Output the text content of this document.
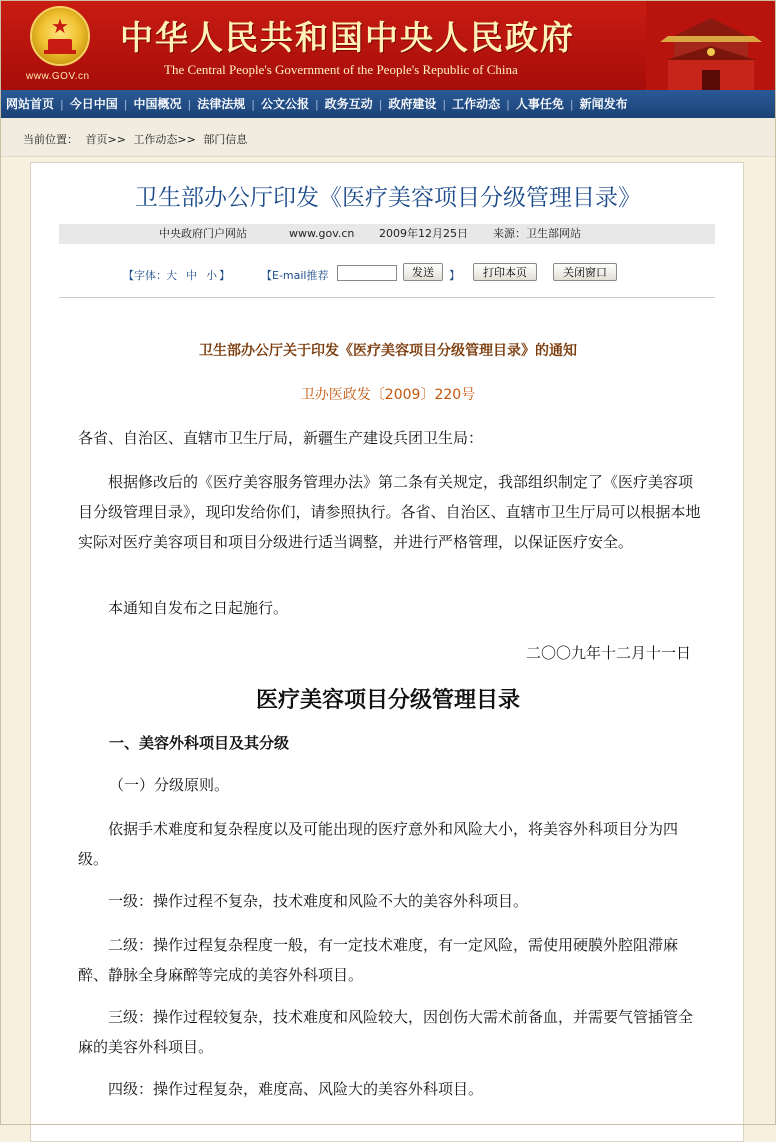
★
www.GOV.cn
中华人民共和国中央人民政府
The Central People's Government of the People's Republic of China
网站首页 | 今日中国 | 中国概况 | 法律法规 | 公文公报 | 政务互动 | 政府建设 | 工作动态 | 人事任免 | 新闻发布
当前位置： 首页>> 工作动态>> 部门信息
卫生部办公厅印发《医疗美容项目分级管理目录》
中央政府门户网站	www.gov.cn 2009年12月25日 来源：卫生部网站
【字体： 大 中 小 】	【E-mail推荐	发送	】	打印本页	关闭窗口
卫生部办公厅关于印发《医疗美容项目分级管理目录》的通知
卫办医政发〔2009〕220号

各省、自治区、直辖市卫生厅局，新疆生产建设兵团卫生局：

根据修改后的《医疗美容服务管理办法》第二条有关规定，我部组织制定了《医疗美容项目分级管理目录》，现印发给你们，请参照执行。各省、自治区、直辖市卫生厅局可以根据本地实际对医疗美容项目和项目分级进行适当调整，并进行严格管理，以保证医疗安全。

本通知自发布之日起施行。

二〇〇九年十二月十一日
医疗美容项目分级管理目录
一、美容外科项目及其分级

（一）分级原则。

依据手术难度和复杂程度以及可能出现的医疗意外和风险大小，将美容外科项目分为四级。

一级：操作过程不复杂，技术难度和风险不大的美容外科项目。

二级：操作过程复杂程度一般，有一定技术难度，有一定风险，需使用硬膜外腔阻滞麻醉、静脉全身麻醉等完成的美容外科项目。

三级：操作过程较复杂，技术难度和风险较大，因创伤大需术前备血，并需要气管插管全麻的美容外科项目。

四级：操作过程复杂，难度高、风险大的美容外科项目。
